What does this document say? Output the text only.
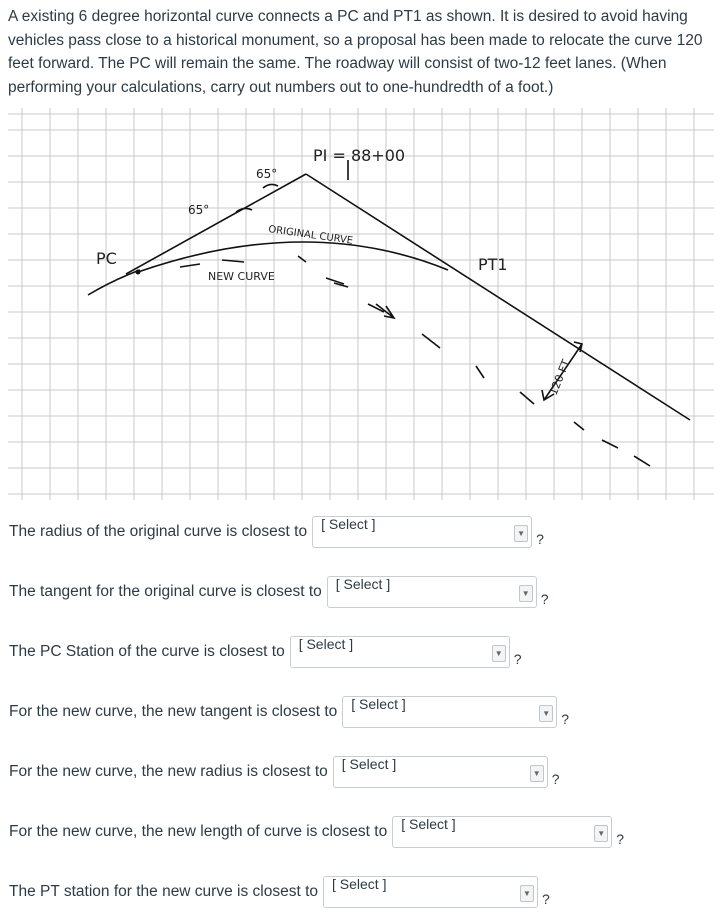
A existing 6 degree horizontal curve connects a PC and PT1 as shown. It is desired to avoid having vehicles pass close to a historical monument, so a proposal has been made to relocate the curve 120 feet forward. The PC will remain the same. The roadway will consist of two-12 feet lanes. (When performing your calculations, carry out numbers out to one-hundredth of a foot.)
PI = 88+00
65°
65°
ORIGINAL CURVE
NEW CURVE
PC	PT1
120 FT
The radius of the original curve is closest to [ Select ]
▼ ?
The tangent for the original curve is closest to [ Select ]
▼ ?
The PC Station of the curve is closest to [ Select ]
▼ ?
For the new curve, the new tangent is closest to [ Select ]
▼ ?
For the new curve, the new radius is closest to [ Select ]
▼ ?
For the new curve, the new length of curve is closest to [ Select ]
▼ ?
The PT station for the new curve is closest to [ Select ]
▼ ?
